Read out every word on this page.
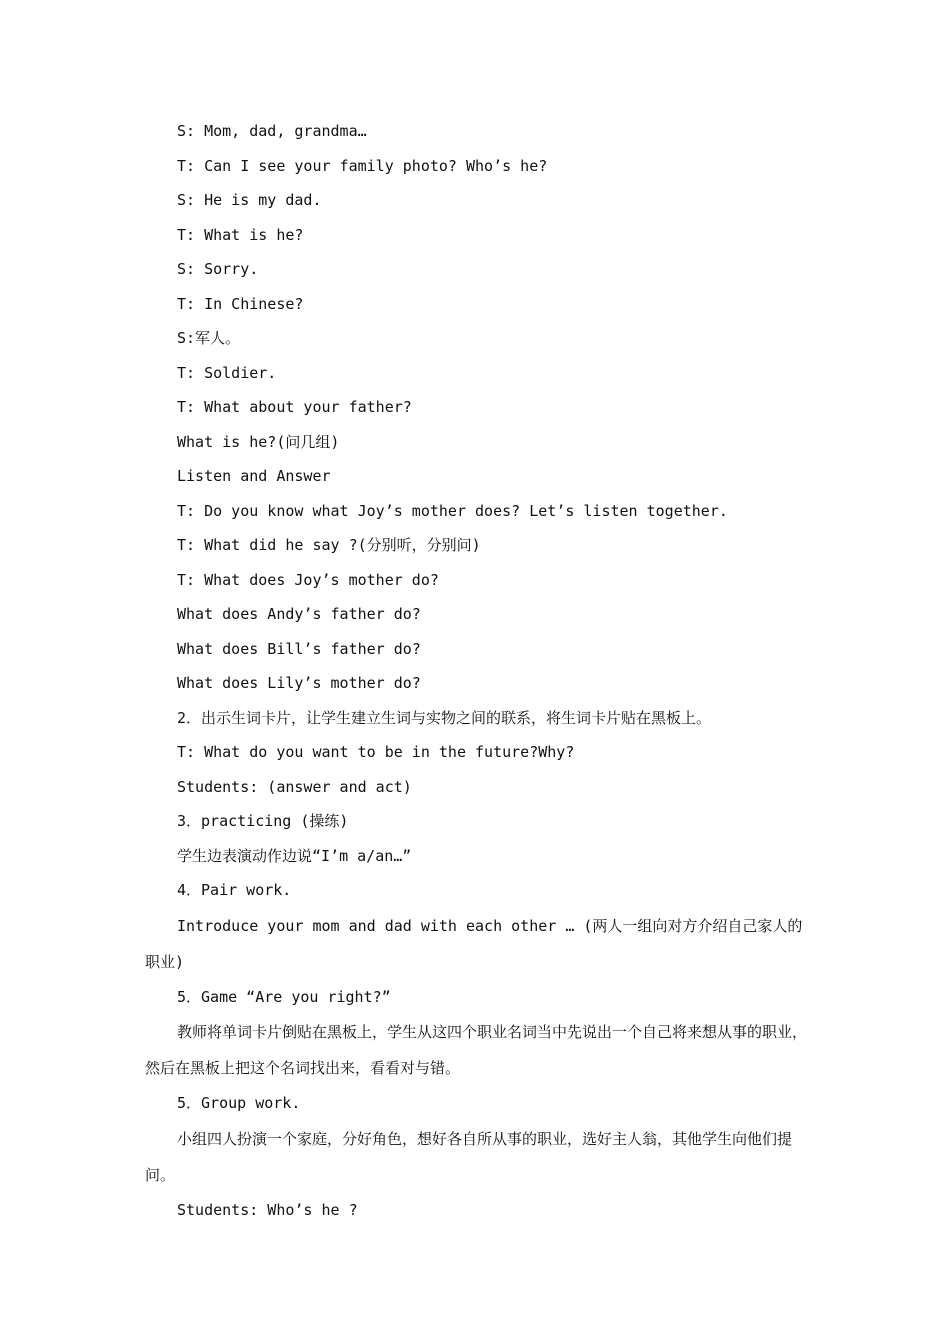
S: Mom, dad, grandma…

T: Can I see your family photo? Who’s he?

S: He is my dad.

T: What is he?

S: Sorry.

T: In Chinese?

S:军人。

T: Soldier.

T: What about your father?

What is he?(问几组)

Listen and Answer

T: Do you know what Joy’s mother does? Let’s listen together.

T: What did he say ?(分别听，分别问)

T: What does Joy’s mother do?

What does Andy’s father do?

What does Bill’s father do?

What does Lily’s mother do?

2．出示生词卡片，让学生建立生词与实物之间的联系，将生词卡片贴在黑板上。

T: What do you want to be in the future?Why?

Students: (answer and act)

3．practicing (操练)

学生边表演动作边说“I’m a/an…”

4．Pair work.

Introduce your mom and dad with each other … (两人一组向对方介绍自己家人的职业)

5．Game “Are you right?”

教师将单词卡片倒贴在黑板上，学生从这四个职业名词当中先说出一个自己将来想从事的职业，然后在黑板上把这个名词找出来，看看对与错。

5．Group work.

小组四人扮演一个家庭，分好角色，想好各自所从事的职业，选好主人翁，其他学生向他们提问。

Students: Who’s he ?
